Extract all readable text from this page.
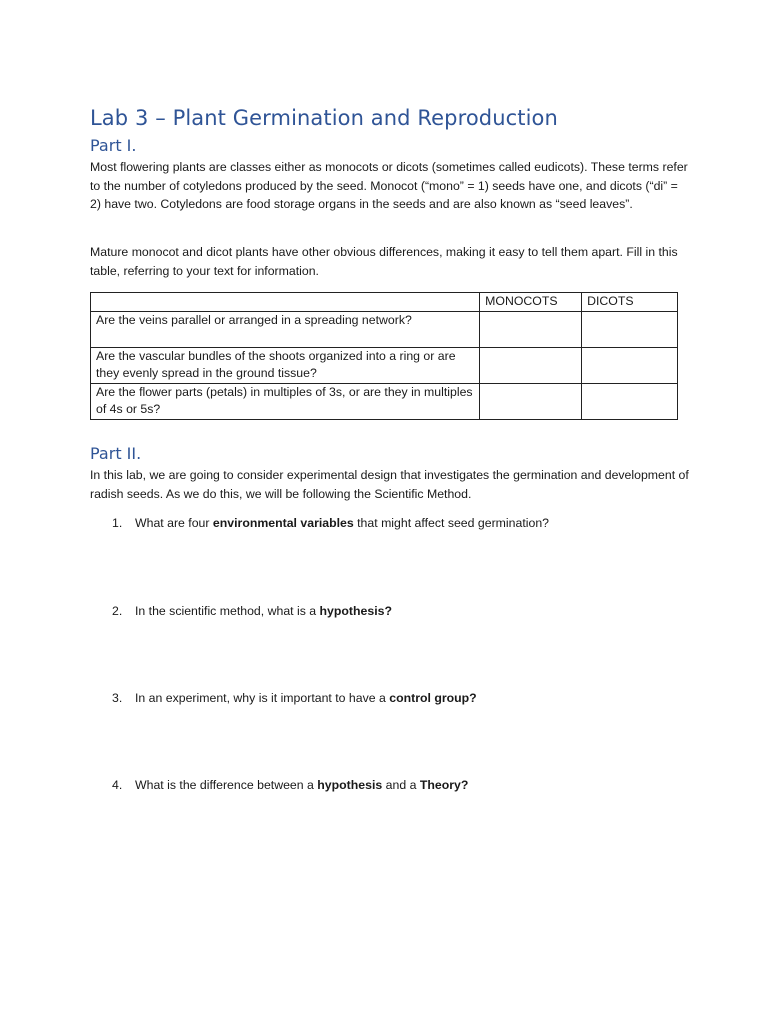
Lab 3 – Plant Germination and Reproduction
Part I.

Most flowering plants are classes either as monocots or dicots (sometimes called eudicots). These terms refer to the number of cotyledons produced by the seed. Monocot (“mono” = 1) seeds have one, and dicots (“di” = 2) have two. Cotyledons are food storage organs in the seeds and are also known as “seed leaves”.

Mature monocot and dicot plants have other obvious differences, making it easy to tell them apart. Fill in this table, referring to your text for information.

	MONOCOTS	DICOTS
Are the veins parallel or arranged in a spreading network?		
Are the vascular bundles of the shoots organized into a ring or are they evenly spread in the ground tissue?		
Are the flower parts (petals) in multiples of 3s, or are they in multiples of 4s or 5s?		
Part II.

In this lab, we are going to consider experimental design that investigates the germination and development of radish seeds. As we do this, we will be following the Scientific Method.

1. What are four environmental variables that might affect seed germination?

2. In the scientific method, what is a hypothesis?

3. In an experiment, why is it important to have a control group?

4. What is the difference between a hypothesis and a Theory?
